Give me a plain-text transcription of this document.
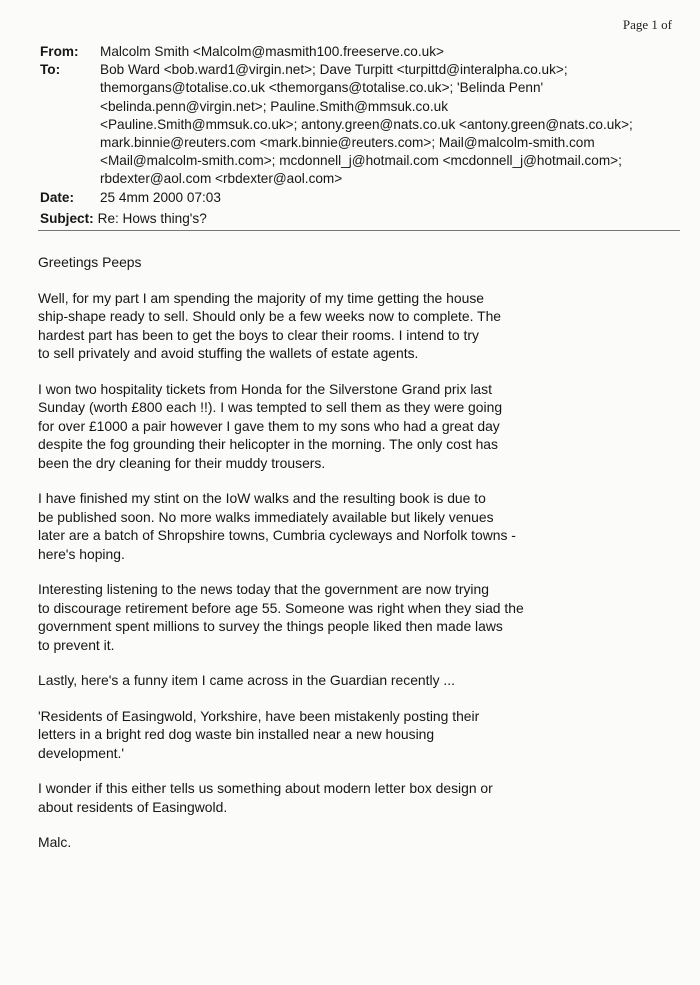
Page 1 of
From:	Malcolm Smith <Malcolm@masmith100.freeserve.co.uk>
To:	Bob Ward <bob.ward1@virgin.net>; Dave Turpitt <turpittd@interalpha.co.uk>;
themorgans@totalise.co.uk <themorgans@totalise.co.uk>; 'Belinda Penn'
<belinda.penn@virgin.net>; Pauline.Smith@mmsuk.co.uk
<Pauline.Smith@mmsuk.co.uk>; antony.green@nats.co.uk <antony.green@nats.co.uk>;
mark.binnie@reuters.com <mark.binnie@reuters.com>; Mail@malcolm-smith.com
<Mail@malcolm-smith.com>; mcdonnell_j@hotmail.com <mcdonnell_j@hotmail.com>;
rbdexter@aol.com <rbdexter@aol.com>
Date:	25 4mm 2000 07:03
Subject: Re: Hows thing's?

Greetings Peeps

Well, for my part I am spending the majority of my time getting the house
ship-shape ready to sell. Should only be a few weeks now to complete. The
hardest part has been to get the boys to clear their rooms. I intend to try
to sell privately and avoid stuffing the wallets of estate agents.

I won two hospitality tickets from Honda for the Silverstone Grand prix last
Sunday (worth £800 each !!). I was tempted to sell them as they were going
for over £1000 a pair however I gave them to my sons who had a great day
despite the fog grounding their helicopter in the morning. The only cost has
been the dry cleaning for their muddy trousers.

I have finished my stint on the IoW walks and the resulting book is due to
be published soon. No more walks immediately available but likely venues
later are a batch of Shropshire towns, Cumbria cycleways and Norfolk towns -
here's hoping.

Interesting listening to the news today that the government are now trying
to discourage retirement before age 55. Someone was right when they siad the
government spent millions to survey the things people liked then made laws
to prevent it.

Lastly, here's a funny item I came across in the Guardian recently ...

'Residents of Easingwold, Yorkshire, have been mistakenly posting their
letters in a bright red dog waste bin installed near a new housing
development.'

I wonder if this either tells us something about modern letter box design or
about residents of Easingwold.

Malc.
